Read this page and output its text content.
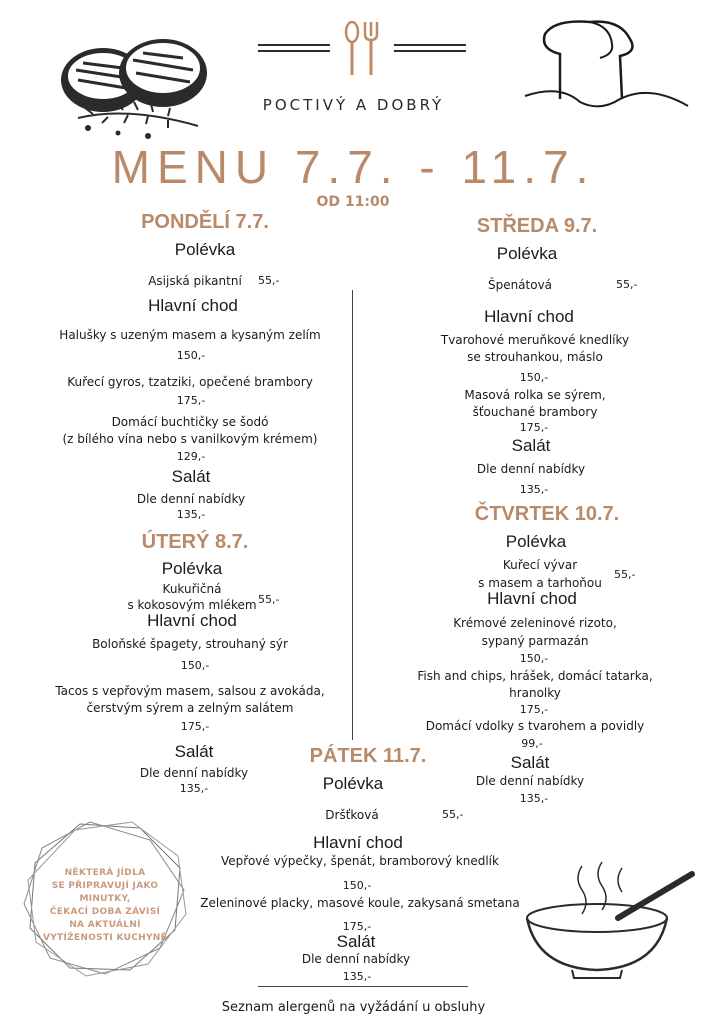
POCTIVÝ A DOBRÝ
MENU 7.7. - 11.7.
OD 11:00
PONDĚLÍ 7.7.
Polévka
Asijská pikantní	55,-
Hlavní chod
Halušky s uzeným masem a kysaným zelím
150,-
Kuřecí gyros, tzatziki, opečené brambory
175,-
Domácí buchtičky se šodó
(z bílého vína nebo s vanilkovým krémem)
129,-
Salát
Dle denní nabídky
135,-
ÚTERÝ 8.7.
Polévka
Kukuřičná
s kokosovým mlékem 55,-
Hlavní chod
Boloňské špagety, strouhaný sýr
150,-
Tacos s vepřovým masem, salsou z avokáda,
čerstvým sýrem a zelným salátem
175,-
Salát
Dle denní nabídky
135,-
STŘEDA 9.7.
Polévka
Špenátová	55,-
Hlavní chod
Tvarohové meruňkové knedlíky
se strouhankou, máslo
150,-
Masová rolka se sýrem,
šťouchané brambory
175,-
Salát
Dle denní nabídky
135,-
ČTVRTEK 10.7.
Polévka
Kuřecí vývar
s masem a tarhoňou
55,-
Hlavní chod
Krémové zeleninové rizoto,
sypaný parmazán
150,-
Fish and chips, hrášek, domácí tatarka,
hranolky
175,-
Domácí vdolky s tvarohem a povidly
99,-
Salát
Dle denní nabídky
135,-
PÁTEK 11.7.
Polévka
Dršťková	55,-
Hlavní chod
Vepřové výpečky, špenát, bramborový knedlík
150,-
Zeleninové placky, masové koule, zakysaná smetana
175,-
Salát
Dle denní nabídky
135,-
Seznam alergenů na vyžádání u obsluhy
NĚKTERÁ JÍDLA
SE PŘIPRAVUJÍ JAKO
MINUTKY,
ČEKACÍ DOBA ZÁVISÍ
NA AKTUÁLNÍ
VYTÍŽENOSTI KUCHYNĚ
